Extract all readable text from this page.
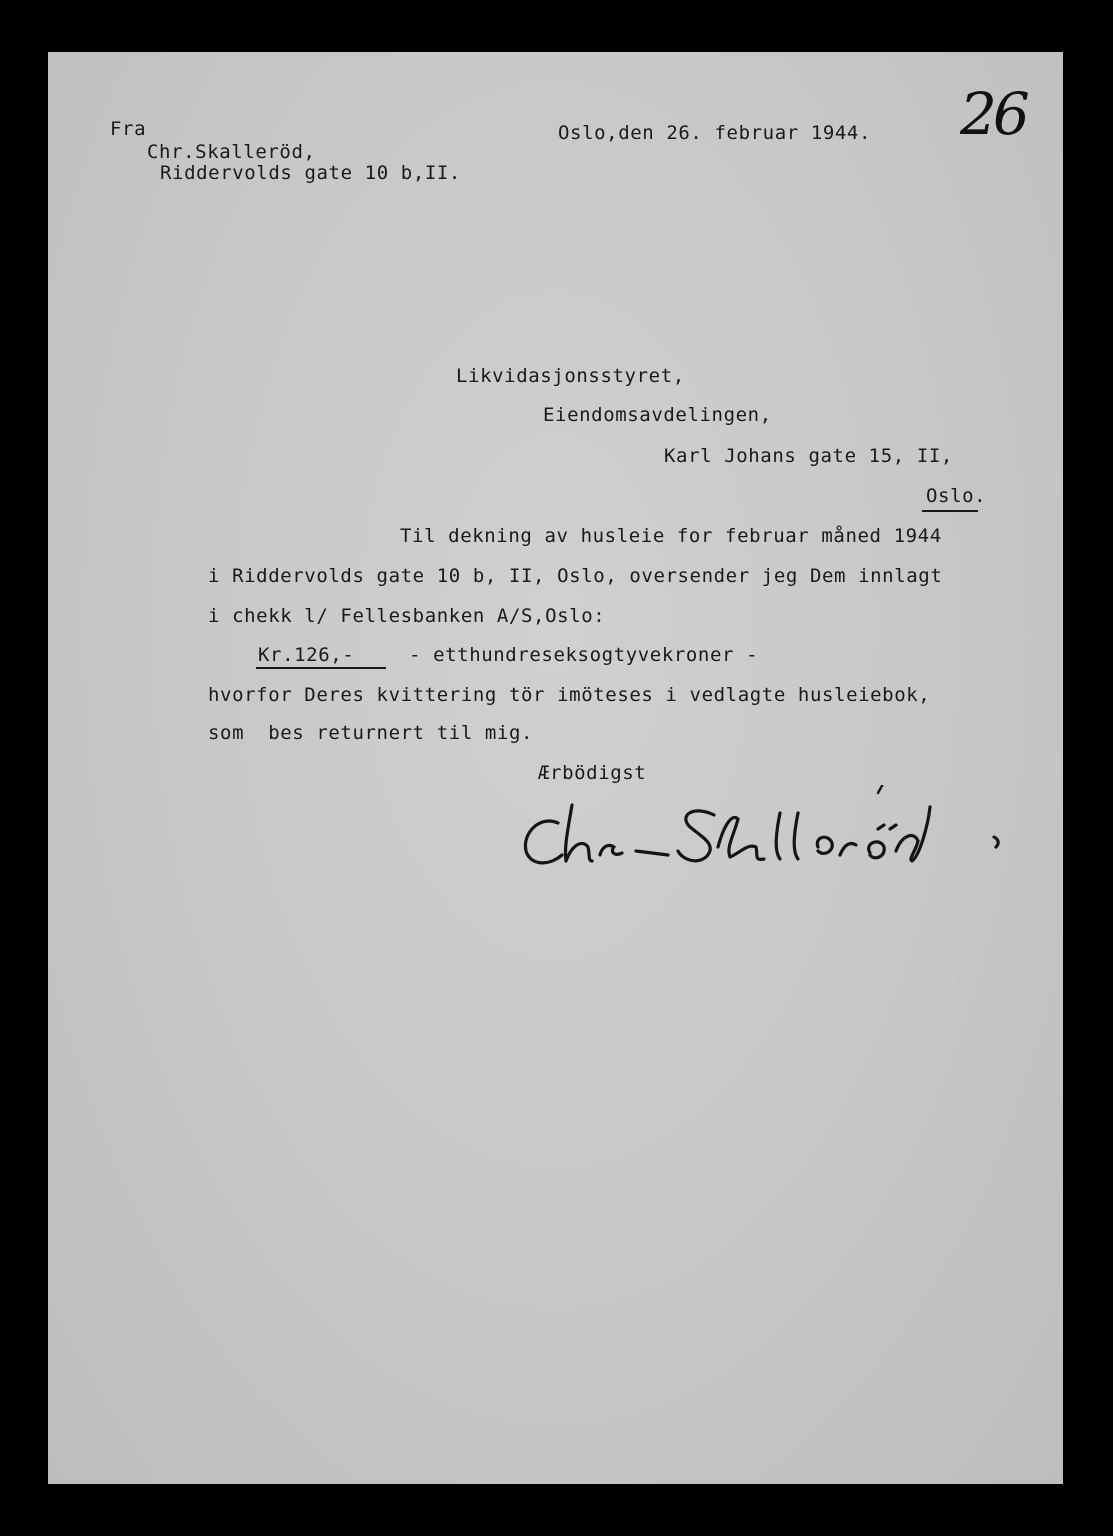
26
Fra
Chr.Skalleröd,
Riddervolds gate 10 b,II.
Oslo,den 26. februar 1944.
Likvidasjonsstyret,
Eiendomsavdelingen,
Karl Johans gate 15, II,
Oslo.
Til dekning av husleie for februar måned 1944
i Riddervolds gate 10 b, II, Oslo, oversender jeg Dem innlagt
i chekk l/ Fellesbanken A/S,Oslo:
Kr.126,-	- etthundreseksogtyvekroner -
hvorfor Deres kvittering tör imöteses i vedlagte husleiebok,
som  bes returnert til mig.
Ærbödigst
